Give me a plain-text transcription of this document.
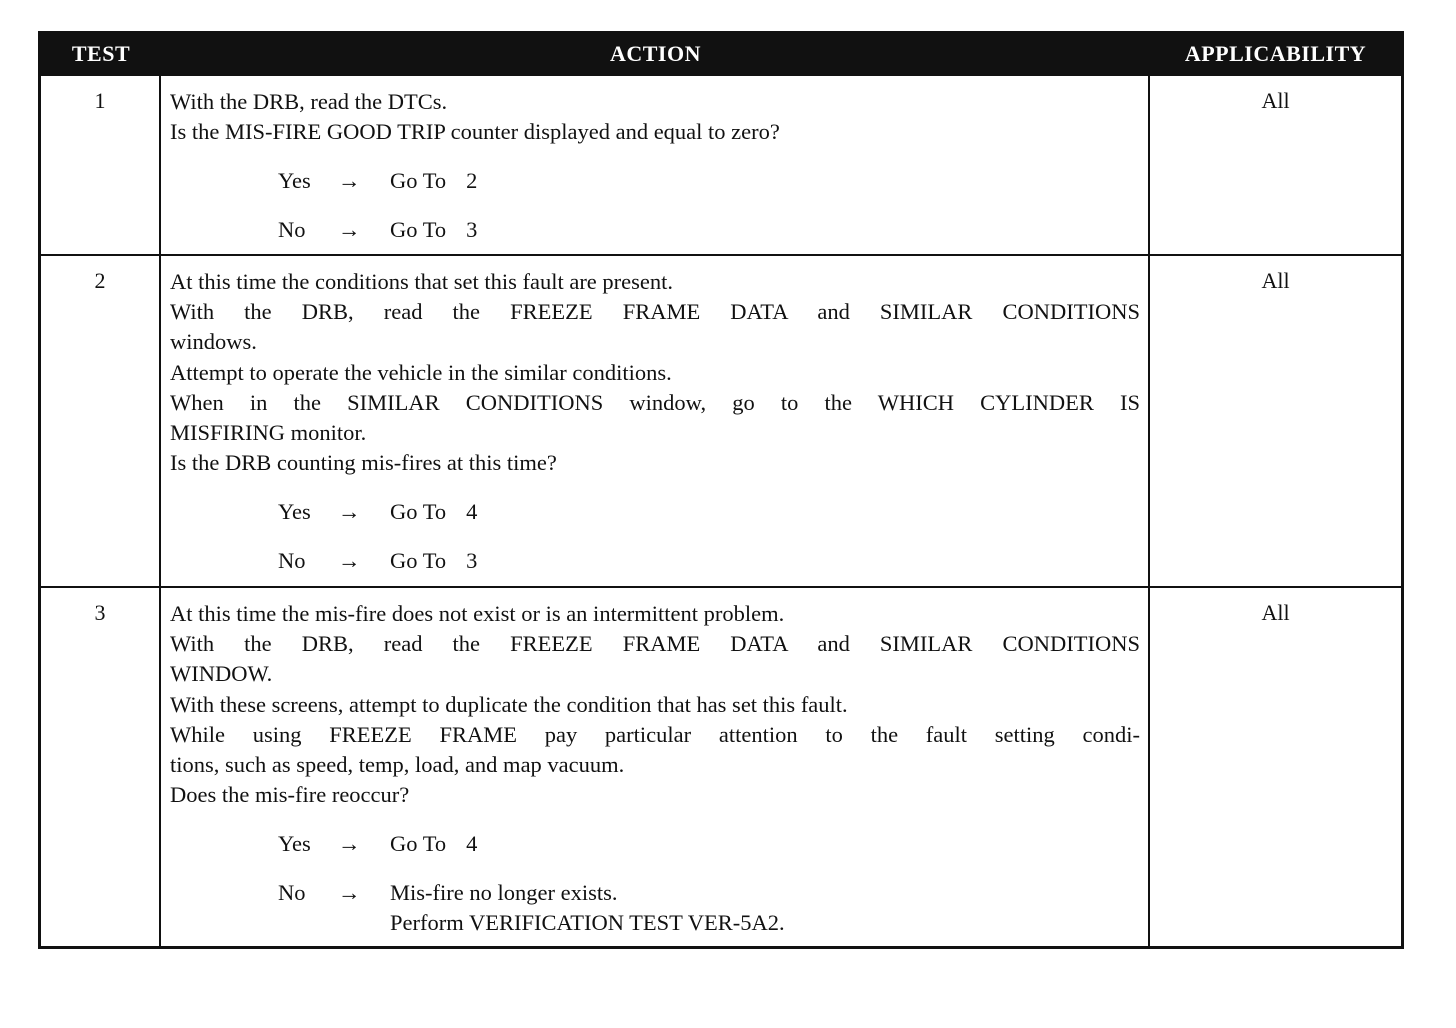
TEST	ACTION	APPLICABILITY
1	With the DRB, read the DTCs.
Is the MIS-FIRE GOOD TRIP counter displayed and equal to zero?
Yes	→	Go To 2
No	→	Go To 3
All
2	At this time the conditions that set this fault are present.
With the DRB, read the FREEZE FRAME DATA and SIMILAR CONDITIONS
windows.
Attempt to operate the vehicle in the similar conditions.
When in the SIMILAR CONDITIONS window, go to the WHICH CYLINDER IS
MISFIRING monitor.
Is the DRB counting mis-fires at this time?
Yes	→	Go To 4
No	→	Go To 3
All
3	At this time the mis-fire does not exist or is an intermittent problem.
With the DRB, read the FREEZE FRAME DATA and SIMILAR CONDITIONS
WINDOW.
With these screens, attempt to duplicate the condition that has set this fault.
While using FREEZE FRAME pay particular attention to the fault setting condi-
tions, such as speed, temp, load, and map vacuum.
Does the mis-fire reoccur?
Yes	→	Go To 4
No	→	Mis-fire no longer exists.
Perform VERIFICATION TEST VER-5A2.
All
